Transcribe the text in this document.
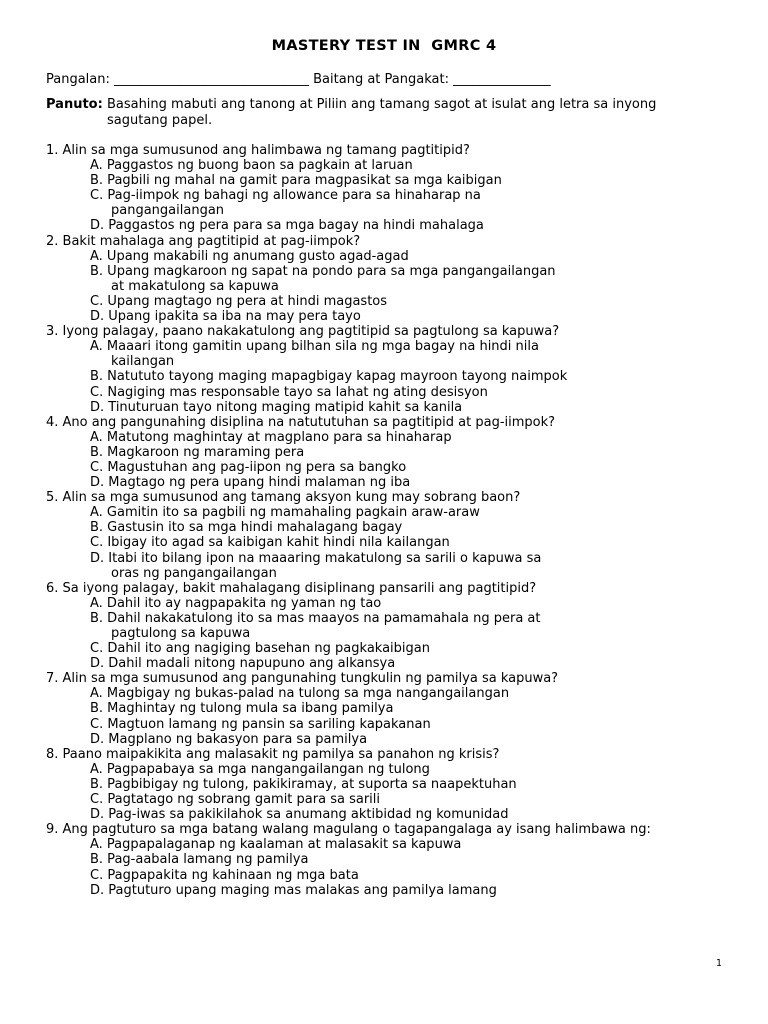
MASTERY TEST IN  GMRC 4
Pangalan: ______________________________ Baitang at Pangakat: _______________
Panuto: Basahing mabuti ang tanong at Piliin ang tamang sagot at isulat ang letra sa inyong
sagutang papel.
1. Alin sa mga sumusunod ang halimbawa ng tamang pagtitipid?
A. Paggastos ng buong baon sa pagkain at laruan
B. Pagbili ng mahal na gamit para magpasikat sa mga kaibigan
C. Pag-iimpok ng bahagi ng allowance para sa hinaharap na
pangangailangan
D. Paggastos ng pera para sa mga bagay na hindi mahalaga
2. Bakit mahalaga ang pagtitipid at pag-iimpok?
A. Upang makabili ng anumang gusto agad-agad
B. Upang magkaroon ng sapat na pondo para sa mga pangangailangan
at makatulong sa kapuwa
C. Upang magtago ng pera at hindi magastos
D. Upang ipakita sa iba na may pera tayo
3. Iyong palagay, paano nakakatulong ang pagtitipid sa pagtulong sa kapuwa?
A. Maaari itong gamitin upang bilhan sila ng mga bagay na hindi nila
kailangan
B. Natututo tayong maging mapagbigay kapag mayroon tayong naimpok
C. Nagiging mas responsable tayo sa lahat ng ating desisyon
D. Tinuturuan tayo nitong maging matipid kahit sa kanila
4. Ano ang pangunahing disiplina na natututuhan sa pagtitipid at pag-iimpok?
A. Matutong maghintay at magplano para sa hinaharap
B. Magkaroon ng maraming pera
C. Magustuhan ang pag-iipon ng pera sa bangko
D. Magtago ng pera upang hindi malaman ng iba
5. Alin sa mga sumusunod ang tamang aksyon kung may sobrang baon?
A. Gamitin ito sa pagbili ng mamahaling pagkain araw-araw
B. Gastusin ito sa mga hindi mahalagang bagay
C. Ibigay ito agad sa kaibigan kahit hindi nila kailangan
D. Itabi ito bilang ipon na maaaring makatulong sa sarili o kapuwa sa
oras ng pangangailangan
6. Sa iyong palagay, bakit mahalagang disiplinang pansarili ang pagtitipid?
A. Dahil ito ay nagpapakita ng yaman ng tao
B. Dahil nakakatulong ito sa mas maayos na pamamahala ng pera at
pagtulong sa kapuwa
C. Dahil ito ang nagiging basehan ng pagkakaibigan
D. Dahil madali nitong napupuno ang alkansya
7. Alin sa mga sumusunod ang pangunahing tungkulin ng pamilya sa kapuwa?
A. Magbigay ng bukas-palad na tulong sa mga nangangailangan
B. Maghintay ng tulong mula sa ibang pamilya
C. Magtuon lamang ng pansin sa sariling kapakanan
D. Magplano ng bakasyon para sa pamilya
8. Paano maipakikita ang malasakit ng pamilya sa panahon ng krisis?
A. Pagpapabaya sa mga nangangailangan ng tulong
B. Pagbibigay ng tulong, pakikiramay, at suporta sa naapektuhan
C. Pagtatago ng sobrang gamit para sa sarili
D. Pag-iwas sa pakikilahok sa anumang aktibidad ng komunidad
9. Ang pagtuturo sa mga batang walang magulang o tagapangalaga ay isang halimbawa ng:
A. Pagpapalaganap ng kaalaman at malasakit sa kapuwa
B. Pag-aabala lamang ng pamilya
C. Pagpapakita ng kahinaan ng mga bata
D. Pagtuturo upang maging mas malakas ang pamilya lamang
1
